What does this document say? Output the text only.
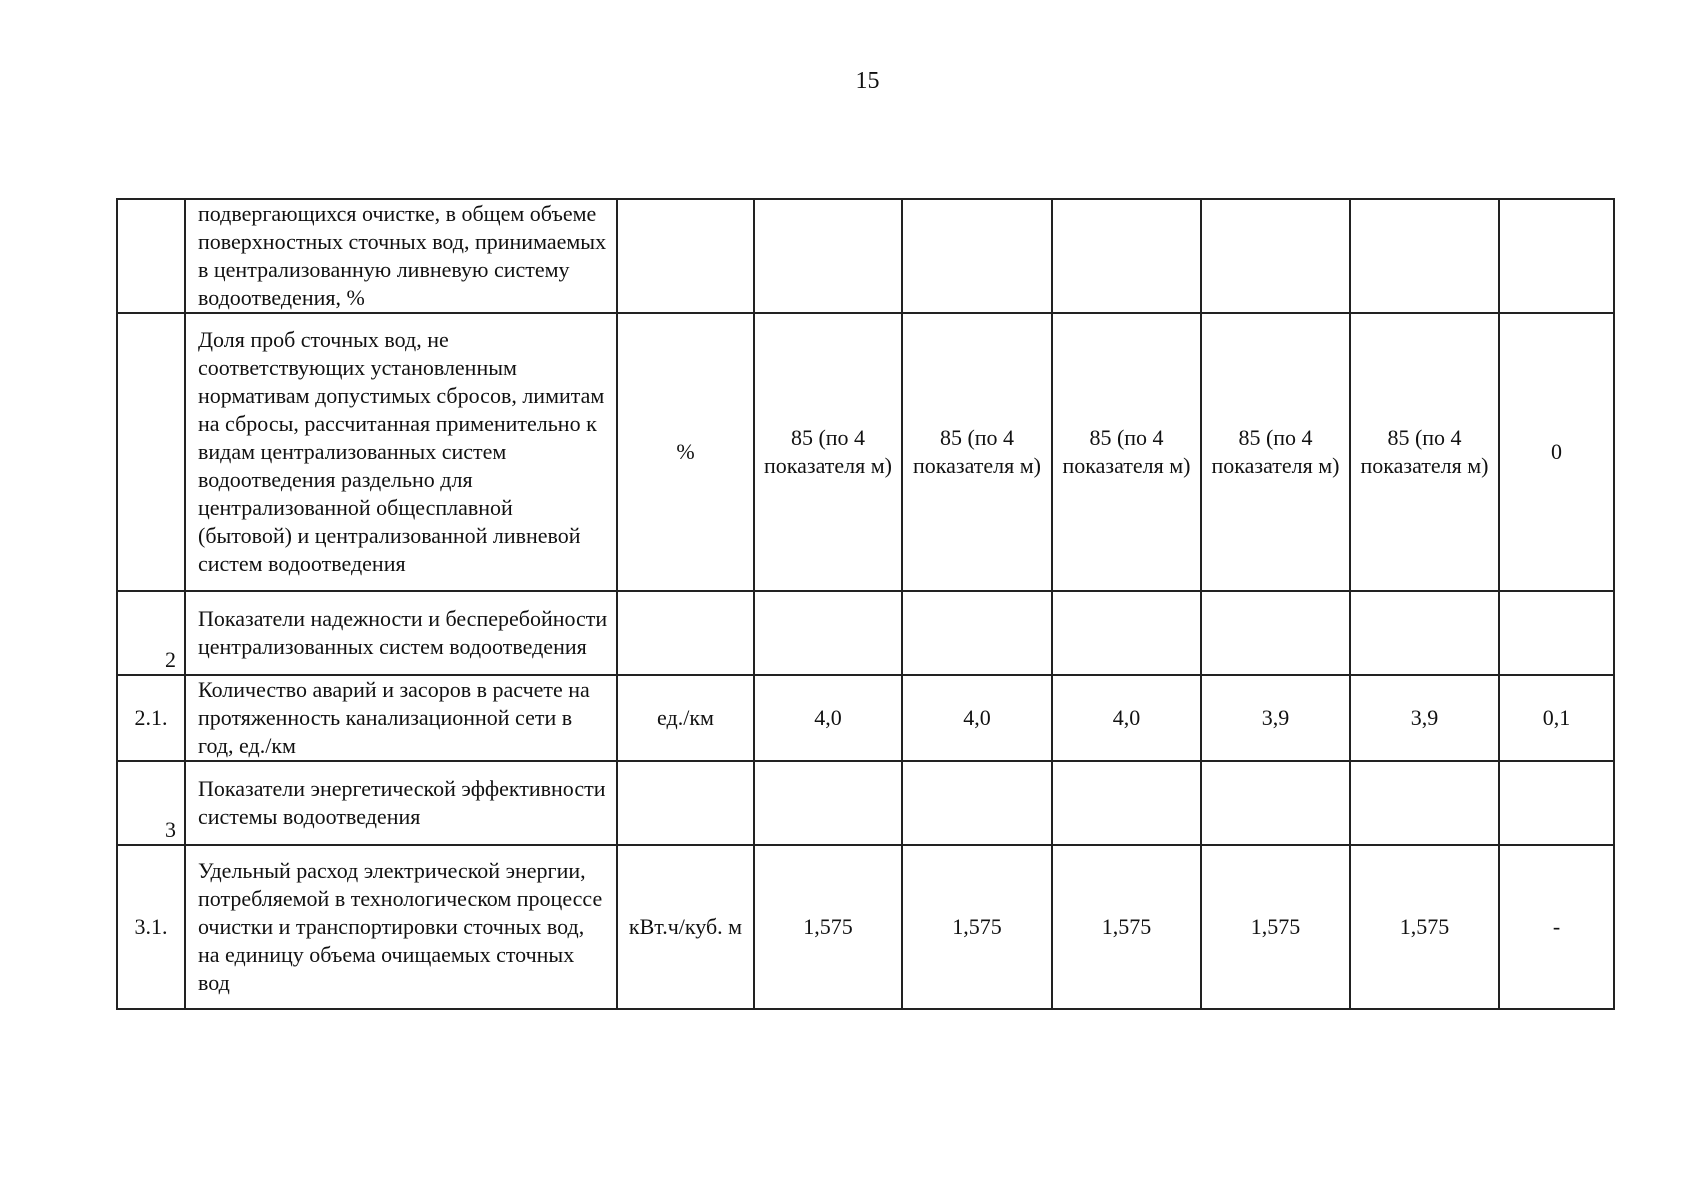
15
	подвергающихся очистке, в общем объеме поверхностных сточных вод, принимаемых в централизованную ливневую систему водоотведения, %							
	Доля проб сточных вод, не соответствующих установленным нормативам допустимых сбросов, лимитам на сбросы, рассчитанная применительно к видам централизованных систем водоотведения раздельно для централизованной общесплавной (бытовой) и централизованной ливневой систем водоотведения	%	85 (по 4 показателя м)	85 (по 4 показателя м)	85 (по 4 показателя м)	85 (по 4 показателя м)	85 (по 4 показателя м)	0
2	Показатели надежности и бесперебойности централизованных систем водоотведения							
2.1.	Количество аварий и засоров в расчете на протяженность канализационной сети в год, ед./км	ед./км	4,0	4,0	4,0	3,9	3,9	0,1
3	Показатели энергетической эффективности системы водоотведения							
3.1.	Удельный расход электрической энергии, потребляемой в технологическом процессе очистки и транспортировки сточных вод, на единицу объема очищаемых сточных вод	кВт.ч/куб. м	1,575	1,575	1,575	1,575	1,575	-
